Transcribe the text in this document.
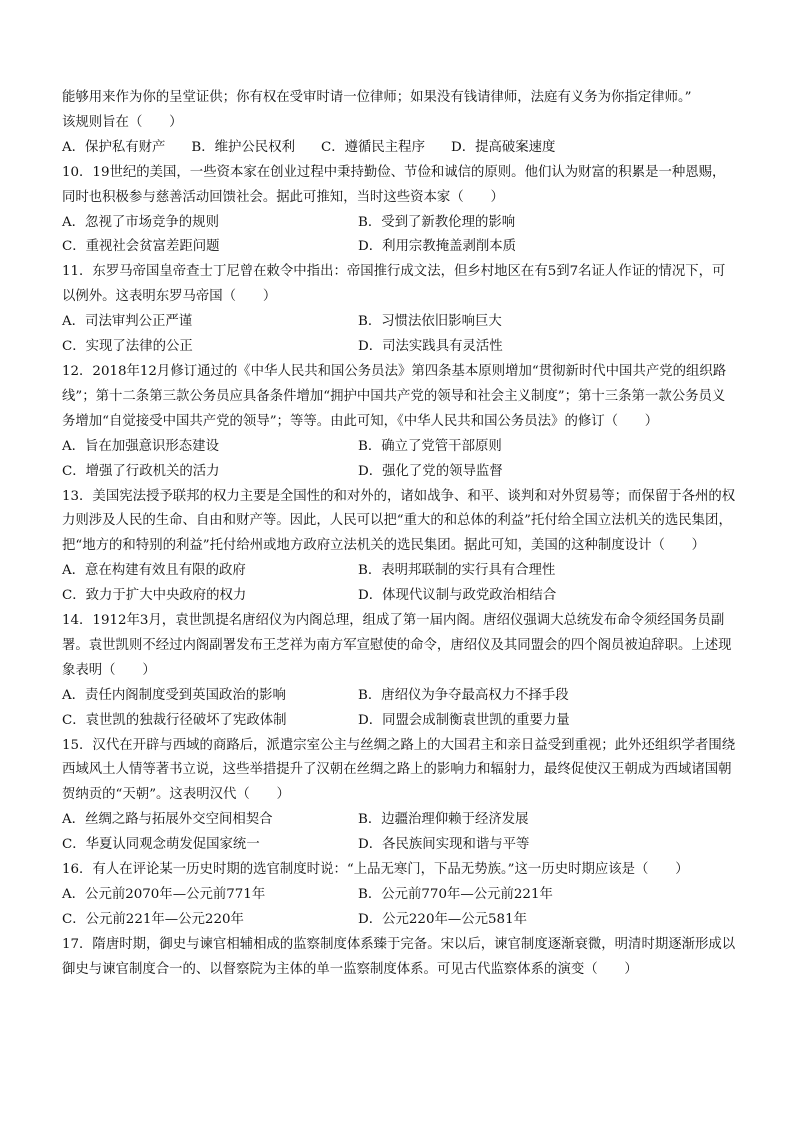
能够用来作为你的呈堂证供；你有权在受审时请一位律师；如果没有钱请律师，法庭有义务为你指定律师。”

该规则旨在（　　）

A．保护私有财产 B．维护公民权利 C．遵循民主程序 D．提高破案速度

10．19世纪的美国，一些资本家在创业过程中秉持勤俭、节俭和诚信的原则。他们认为财富的积累是一种恩赐，同时也积极参与慈善活动回馈社会。据此可推知，当时这些资本家（　　）

A．忽视了市场竞争的规则	B．受到了新教伦理的影响
C．重视社会贫富差距问题	D．利用宗教掩盖剥削本质

11．东罗马帝国皇帝查士丁尼曾在敕令中指出：帝国推行成文法，但乡村地区在有5到7名证人作证的情况下，可以例外。这表明东罗马帝国（　　）

A．司法审判公正严谨	B．习惯法依旧影响巨大
C．实现了法律的公正	D．司法实践具有灵活性

12．2018年12月修订通过的《中华人民共和国公务员法》第四条基本原则增加“贯彻新时代中国共产党的组织路线”；第十二条第三款公务员应具备条件增加“拥护中国共产党的领导和社会主义制度”；第十三条第一款公务员义务增加“自觉接受中国共产党的领导”；等等。由此可知，《中华人民共和国公务员法》的修订（　　）

A．旨在加强意识形态建设	B．确立了党管干部原则
C．增强了行政机关的活力	D．强化了党的领导监督

13．美国宪法授予联邦的权力主要是全国性的和对外的，诸如战争、和平、谈判和对外贸易等；而保留于各州的权力则涉及人民的生命、自由和财产等。因此，人民可以把“重大的和总体的利益”托付给全国立法机关的选民集团，把“地方的和特别的利益”托付给州或地方政府立法机关的选民集团。据此可知，美国的这种制度设计（　　）

A．意在构建有效且有限的政府	B．表明邦联制的实行具有合理性
C．致力于扩大中央政府的权力	D．体现代议制与政党政治相结合

14．1912年3月，袁世凯提名唐绍仪为内阁总理，组成了第一届内阁。唐绍仪强调大总统发布命令须经国务员副署。袁世凯则不经过内阁副署发布王芝祥为南方军宣慰使的命令，唐绍仪及其同盟会的四个阁员被迫辞职。上述现象表明（　　）

A．责任内阁制度受到英国政治的影响	B．唐绍仪为争夺最高权力不择手段
C．袁世凯的独裁行径破坏了宪政体制	D．同盟会成制衡袁世凯的重要力量

15．汉代在开辟与西域的商路后，派遣宗室公主与丝绸之路上的大国君主和亲日益受到重视；此外还组织学者围绕西域风土人情等著书立说，这些举措提升了汉朝在丝绸之路上的影响力和辐射力，最终促使汉王朝成为西域诸国朝贺纳贡的“天朝”。这表明汉代（　　）

A．丝绸之路与拓展外交空间相契合	B．边疆治理仰赖于经济发展
C．华夏认同观念萌发促国家统一	D．各民族间实现和谐与平等

16．有人在评论某一历史时期的选官制度时说：“上品无寒门，下品无势族。”这一历史时期应该是（　　）

A．公元前2070年—公元前771年	B．公元前770年—公元前221年
C．公元前221年—公元220年	D．公元220年—公元581年

17．隋唐时期，御史与谏官相辅相成的监察制度体系臻于完备。宋以后，谏官制度逐渐衰微，明清时期逐渐形成以御史与谏官制度合一的、以督察院为主体的单一监察制度体系。可见古代监察体系的演变（　　）
